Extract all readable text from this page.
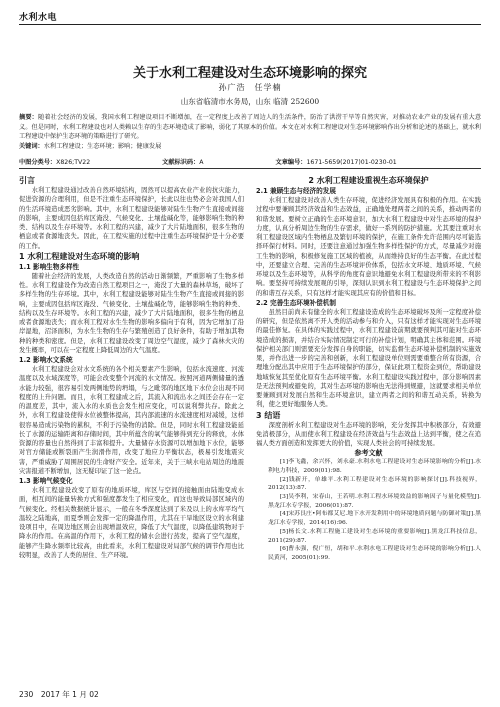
水利水电
关于水利工程建设对生态环境影响的探究
孙广浩　任学楠
山东省临清市水务局，山东 临清 252600
摘要：随着社会经济的发展，我国水利工程建设项目不断增加，在一定程度上改善了周边人的生活条件，防治了洪涝干旱等自然灾害，对推动农业产业的发展有重大意义。但是同时，水利工程建设也对人类赖以生存的生态环境造成了影响，弱化了其原本的价值。本文在对水利工程建设对生态环境影响作出分析和论述的基础上，就水利工程建设中保护生态环境的策略进行了研究。
关键词：水利工程建设；生态环境；影响；健康发展
中图分类号：X826;TV22	文献标识码：A	文章编号：1671-5659(2017)01-0230-01
引言

水利工程建设通过改善自然环境结构，固然可以提高农业产业的抗灾能力，促进资源的合理利用，但是不注重生态环境保护，长此以往也势必会对我国人们的生活环境造成恶劣影响。其中，水利工程建设能够对陆生生物产生直接或间接的影响，主要成因包括库区淹没、气候变化、土壤盐碱化等，能够影响生物的种类、结构以及生存环境等。水利工程的兴建，减少了大片陆地面积，很多生物的栖息或者食源地丧失。因此，在工程实施的过程中注重生态环境保护是十分必要的工作。

1 水利工程建设对生态环境的影响
1.1 影响生物多样性

随着社会经济的发展，人类改造自然的活动日渐频繁，严重影响了生物多样性。水利工程建设作为改造自然工程项目之一，淹没了大量的森林草场，破坏了多样生物的生存环境。其中，水利工程建设能够对陆生生物产生直接或间接的影响，主要成因包括库区淹没、气候变化、土壤盐碱化等，能够影响生物的种类、结构以及生存环境等。水利工程的兴建，减少了大片陆地面积，很多生物的栖息或者食源地丧失；而水利工程对水生生物的影响多偏向于有利，因为它增加了沿岸湿地，沼泽面积，为水生生物的生存与繁殖创造了良好条件，有助于增加其物种的种类和密度。但是，水利工程建设改变了周边空气湿度，减少了森林火灾的发生概率，可以在一定程度上降低周边的大气温度。

1.2 影响水文系统

水利工程建设会对水文系统的各个相关要素产生影响，包括水流速度、河流温度以及水域深度等，可能会改变整个河流的水文情况。按照河道两侧储量的透水能力较强，很容易引发两侧地势的坍塌，与之毗邻的地区地下水位会出现不同程度的上升问题。而且，水利工程建成之后，其流入和流出水之间还会存在一定的温度差，其中，流入水的水质也会发生相应变化，可以说利弊共存。除此之外，水利工程建设使得水位被整体提高，其内部流速的水流速度相对减缓，这样很容易造成污染物的累积，不利于污染物的消除。但是，同时水利工程建设能延长了水源的运输距离和存储时间，其中所蕴含的氧气能够得到充分的释放，水体资源的容量也自然得到了丰富和提升。大量储存水资源可以增加地下水位，能够对官方储能或断裂面产生润滑作用，改变了地应力平衡状态，极易引发地震灾害，严重威胁了周围居民的生命财产安全。近年来，关于三峡水电站周边的地震灾害报道不断增加，这无疑印证了这一论点。

1.3 影响气候变化

水利工程建设改变了原有的地质环境，库区与空间的接触面由陆地变成水面，相互间的能量转换方式和强度都发生了相应变化，而这也导致局部区域内的气候变化。经相关数据统计显示，一般在冬季深度达到了米及以上的水库平均气温较之陆地高，而夏季则会发挥一定的降温作用，尤其在干旱地区设立的水利建设项目中，在周边地区则会出现增温效应，降低了大气温度，以降低建筑物对于降水的作用。在高温的作用下，水利工程的储水会进行蒸发，提高了空气湿度，能够产生降水频率比较高，由此看来，水利工程建设对局部气候的调节作用也比较明显，改善了人类的居住、生产环境。

2 水利工程建设重视生态环境保护
2.1 兼顾生态与经济的发展

水利工程建设对改善人类生存环境，促进经济发展具有积极的作用。在实践过程中要兼顾其经济效益和生态效益，正确地处理两者之间的关系，推动两者的和谐发展。要树立正确的生态环境意识，加大水利工程建设中对生态环境的保护力度，认真分析周边生物的生存需求，做好一系列的防护措施。尤其要注重对水利工程建设区域内生物栖息及繁衍环境的保护，在施工条件允许范围内尽可能选择环保行材料。同时，还要注意通过加强生物多样性保护的方式，尽量减少对施工生物的影响，积极修复施工区域的植被，从而维持良好的生态平衡。在此过程中，还要建立合理、完善的生态环境评价体系，包括水文环境、地质环境、气候环境以及生态环境等，从科学的角度有意识地避免水利工程建设所带来的不利影响。要坚持可持续发展观的引导，深刻认识到水利工程建设与生态环境保护之间的和谐互存关系，只有这样才能实现其应有的价值和目标。

2.2 完善生态环境补偿机制

虽然目前尚未有健全的水利工程建设造成的生态环境破坏及所一定程度补偿的研究，但是依然离不开人类的活动参与和介入，只有这样才能实现对生态环境的最佳修复。在具体的实践过程中，水利工程建设前期就要预判其可能对生态环境造成的损害，并结合实际情况制定可行的补偿计划，明确其主体和范围。环境保护相关部门则需要充分发挥自身的职能，切实监督生态环境补偿机制的实施效果，并作出进一步的完善和创新，水利工程建设单位则需要重整合所有资源，合理地分配出其中应用于生态环境保护的部分，保证此项工程资金到位，帮助建设地域恢复其至优化原有生态环境平衡。水利工程建设实践过程中，部分影响因素是无法预判或避免的，其对生态环境的影响也无法得到规避，这就要求相关单位要兼顾到对发展自然和生态环境意识，建立两者之间的和谐互动关系，转换为利，使之更好地服务人类。

3 结语

深度剖析水利工程建设对生态环境的影响，充分发挥其中积极部分，有效避免消极部分，从而使水利工程建设在经济效益与生态效益上达到平衡，使之在追福人类方面创造和发挥更大的价值，实现人类社会的可持续发展。

参考文献

[1]李飞鑫，余兴怀，刘永豪.水利水电工程建设对生态环境影响的分析[J].水利电力科技，2009(01):98.

[2]钱新开，单雄平.水利工程建设对生态环境的影响探讨[J].科技视界，2012(13):87.

[3]吴李利，宋春山，王若明.水利工程水环境效益的影响因子与量化模型[J].黑龙江水专学报，2006(01):87.

[4]宋苏艮庄•阿布都艾尼.地下水开发利用中的环境地质问题与防御对策[J].黑龙江水专学报，2014(16):96.

[5]杨长文.水利工程施工建设对生态环境的重要影响[J].黑龙江科技信息，2011(29):87.

[6]曹永强，倪广恒，胡和平.水利水电工程建设对生态环境的影响分析[J].人民黄河，2005(01):99.

230　2017 年 1 月 02
